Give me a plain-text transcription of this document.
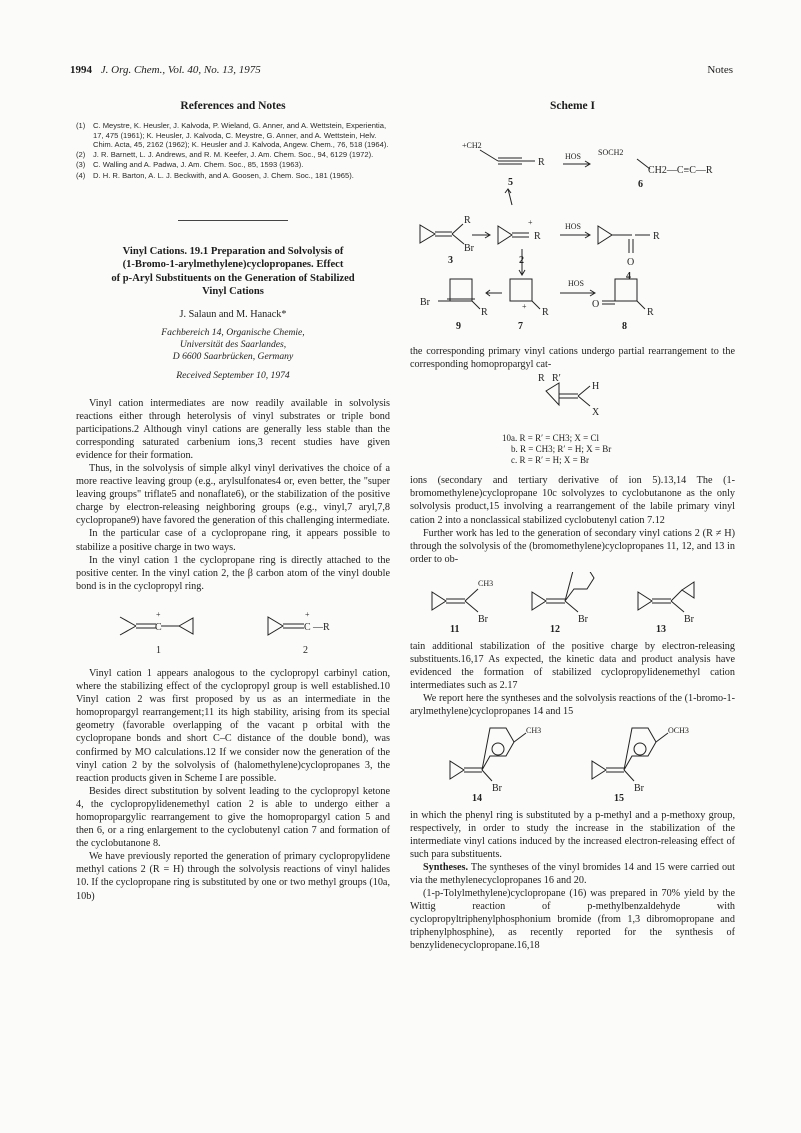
1994 J. Org. Chem., Vol. 40, No. 13, 1975	Notes
References and Notes
(1)	C. Meystre, K. Heusler, J. Kalvoda, P. Wieland, G. Anner, and A. Wettstein, Experientia, 17, 475 (1961); K. Heusler, J. Kalvoda, C. Meystre, G. Anner, and A. Wettstein, Helv. Chim. Acta, 45, 2162 (1962); K. Heusler and J. Kalvoda, Angew. Chem., 76, 518 (1964).
(2)	J. R. Barnett, L. J. Andrews, and R. M. Keefer, J. Am. Chem. Soc., 94, 6129 (1972).
(3)	C. Walling and A. Padwa, J. Am. Chem. Soc., 85, 1593 (1963).
(4)	D. H. R. Barton, A. L. J. Beckwith, and A. Goosen, J. Chem. Soc., 181 (1965).
Vinyl Cations. 19.1 Preparation and Solvolysis of
(1-Bromo-1-arylmethylene)cyclopropanes. Effect
of p-Aryl Substituents on the Generation of Stabilized
Vinyl Cations
J. Salaun and M. Hanack*
Fachbereich 14, Organische Chemie,
Universität des Saarlandes,
D 6600 Saarbrücken, Germany
Received September 10, 1974

Vinyl cation intermediates are now readily available in solvolysis reactions either through heterolysis of vinyl substrates or triple bond participations.2 Although vinyl cations are generally less stable than the corresponding saturated carbenium ions,3 recent studies have given evidence for their formation.

Thus, in the solvolysis of simple alkyl vinyl derivatives the choice of a more reactive leaving group (e.g., arylsulfonates4 or, even better, the "super leaving groups" triflate5 and nonaflate6), or the stabilization of the positive charge by electron-releasing neighboring groups (e.g., vinyl,7 aryl,7,8 cyclopropane9) have favored the generation of this challenging intermediate.

In the particular case of a cyclopropane ring, it appears possible to stabilize a positive charge in two ways.

In the vinyl cation 1 the cyclopropane ring is directly attached to the positive center. In the vinyl cation 2, the β carbon atom of the vinyl double bond is in the cyclopropyl ring.

C
+
C
+
—R
1	2

Vinyl cation 1 appears analogous to the cyclopropyl carbinyl cation, where the stabilizing effect of the cyclopropyl group is well established.10 Vinyl cation 2 was first proposed by us as an intermediate in the homopropargyl rearrangement;11 its high stability, arising from its special geometry (favorable overlapping of the vacant p orbital with the cyclopropane bonds and short C–C distance of the double bond), was confirmed by MO calculations.12 If we consider now the generation of the vinyl cation 2 by the solvolysis of (halomethylene)cyclopropanes 3, the reaction products given in Scheme I are possible.

Besides direct substitution by solvent leading to the cyclopropyl ketone 4, the cyclopropylidenemethyl cation 2 is able to undergo either a homopropargylic rearrangement to give the homopropargyl cation 5 and then 6, or a ring enlargement to the cyclobutenyl cation 7 and formation of the cyclobutanone 8.

We have previously reported the generation of primary cyclopropylidene methyl cations 2 (R = H) through the solvolysis reactions of vinyl halides 10. If the cyclopropane ring is substituted by one or two methyl groups (10a, 10b)

Scheme I
+CH2
R
HOS SOCH2
CH2—C≡C—R
5	6
R
Br
3
+
R
2
HOS
R
O
4
Br
R
9
+
R
7
HOS
O
R
8

the corresponding primary vinyl cations undergo partial rearrangement to the corresponding homopropargyl cat-

R R′
H
X
10a. R = R′ = CH3; X = Cl
b. R = CH3; R′ = H; X = Br
c. R = R′ = H; X = Br

ions (secondary and tertiary derivative of ion 5).13,14 The (1-bromomethylene)cyclopropane 10c solvolyzes to cyclobutanone as the only solvolysis product,15 involving a rearrangement of the labile primary vinyl cation 2 into a nonclassical stabilized cyclobutenyl cation 7.12

Further work has led to the generation of secondary vinyl cations 2 (R ≠ H) through the solvolysis of the (bromomethylene)cyclopropanes 11, 12, and 13 in order to ob-

CH3
Br	Br	Br
11	12	13

tain additional stabilization of the positive charge by electron-releasing substituents.16,17 As expected, the kinetic data and product analysis have evidenced the formation of stabilized cyclopropylidenemethyl cation intermediates such as 2.17

We report here the syntheses and the solvolysis reactions of the (1-bromo-1-arylmethylene)cyclopropanes 14 and 15

CH3	OCH3
Br	Br
14	15

in which the phenyl ring is substituted by a p-methyl and a p-methoxy group, respectively, in order to study the increase in the stabilization of the intermediate vinyl cations induced by the increased electron-releasing effect of such para substituents.

Syntheses. The syntheses of the vinyl bromides 14 and 15 were carried out via the methylenecyclopropanes 16 and 20.

(1-p-Tolylmethylene)cyclopropane (16) was prepared in 70% yield by the Wittig reaction of p-methylbenzaldehyde with cyclopropyltriphenylphosphonium bromide (from 1,3 dibromopropane and triphenylphosphine), as recently reported for the synthesis of benzylidenecyclopropane.16,18
